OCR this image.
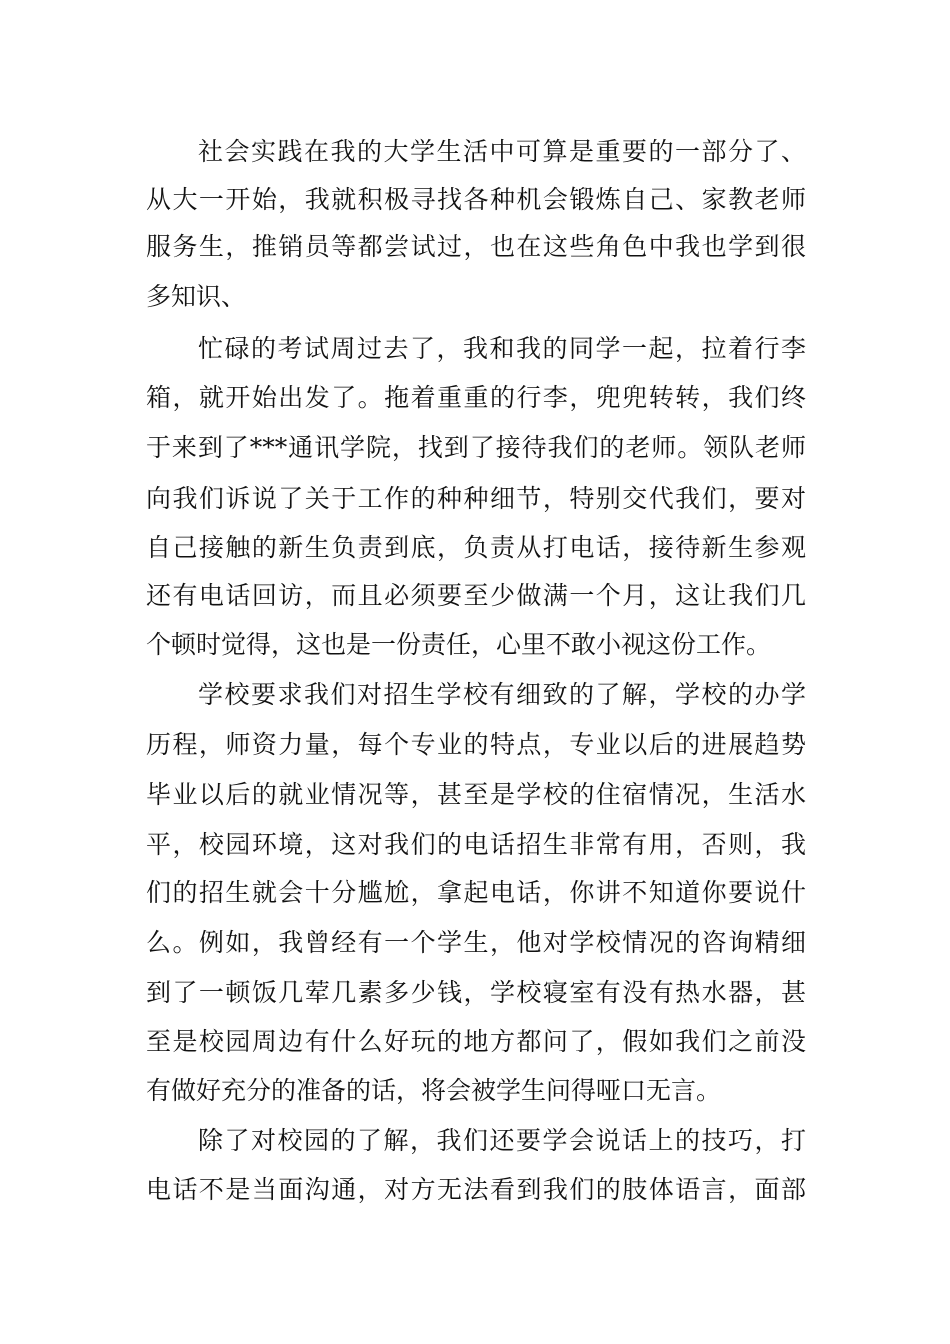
社会实践在我的大学生活中可算是重要的一部分了、
从大一开始，我就积极寻找各种机会锻炼自己、家教老师
服务生，推销员等都尝试过，也在这些角色中我也学到很
多知识、
忙碌的考试周过去了，我和我的同学一起，拉着行李
箱，就开始出发了。拖着重重的行李，兜兜转转，我们终
于来到了***通讯学院，找到了接待我们的老师。领队老师
向我们诉说了关于工作的种种细节，特别交代我们，要对
自己接触的新生负责到底，负责从打电话，接待新生参观
还有电话回访，而且必须要至少做满一个月，这让我们几
个顿时觉得，这也是一份责任，心里不敢小视这份工作。
学校要求我们对招生学校有细致的了解，学校的办学
历程，师资力量，每个专业的特点，专业以后的进展趋势
毕业以后的就业情况等，甚至是学校的住宿情况，生活水
平，校园环境，这对我们的电话招生非常有用，否则，我
们的招生就会十分尴尬，拿起电话，你讲不知道你要说什
么。例如，我曾经有一个学生，他对学校情况的咨询精细
到了一顿饭几荤几素多少钱，学校寝室有没有热水器，甚
至是校园周边有什么好玩的地方都问了，假如我们之前没
有做好充分的准备的话，将会被学生问得哑口无言。
除了对校园的了解，我们还要学会说话上的技巧，打
电话不是当面沟通，对方无法看到我们的肢体语言，面部
